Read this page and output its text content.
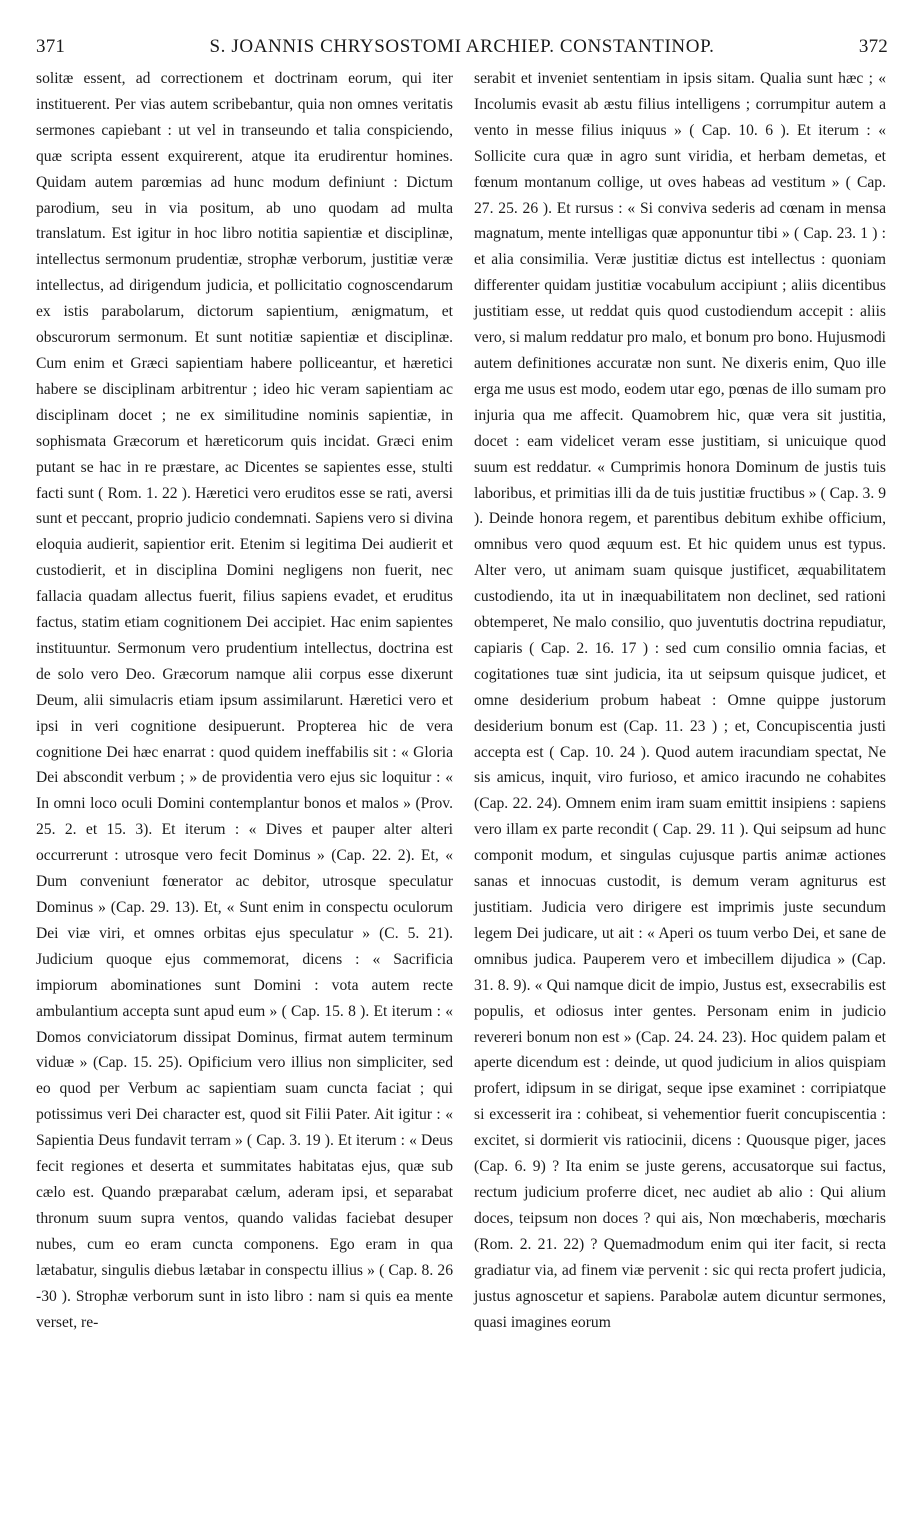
371	S. JOANNIS CHRYSOSTOMI ARCHIEP. CONSTANTINOP.	372

solitæ essent, ad correctionem et doctrinam eorum, qui iter instituerent. Per vias autem scribebantur, quia non omnes veritatis sermones capiebant : ut vel in transeundo et talia conspiciendo, quæ scripta essent exquirerent, atque ita erudirentur homines. Quidam autem parœmias ad hunc modum definiunt : Dictum parodium, seu in via positum, ab uno quodam ad multa translatum. Est igitur in hoc libro notitia sapientiæ et disciplinæ, intellectus sermonum prudentiæ, strophæ verborum, justitiæ veræ intellectus, ad dirigendum judicia, et pollicitatio cognoscendarum ex istis parabolarum, dictorum sapientium, ænigmatum, et obscurorum sermonum. Et sunt notitiæ sapientiæ et disciplinæ. Cum enim et Græci sapientiam habere polliceantur, et hæretici habere se disciplinam arbitrentur ; ideo hic veram sapientiam ac disciplinam docet ; ne ex similitudine nominis sapientiæ, in sophismata Græcorum et hæreticorum quis incidat. Græci enim putant se hac in re præstare, ac Dicentes se sapientes esse, stulti facti sunt ( Rom. 1. 22 ). Hæretici vero eruditos esse se rati, aversi sunt et peccant, proprio judicio condemnati. Sapiens vero si divina eloquia audierit, sapientior erit. Etenim si legitima Dei audierit et custodierit, et in disciplina Domini negligens non fuerit, nec fallacia quadam allectus fuerit, filius sapiens evadet, et eruditus factus, statim etiam cognitionem Dei accipiet. Hac enim sapientes instituuntur. Sermonum vero prudentium intellectus, doctrina est de solo vero Deo. Græcorum namque alii corpus esse dixerunt Deum, alii simulacris etiam ipsum assimilarunt. Hæretici vero et ipsi in veri cognitione desipuerunt. Propterea hic de vera cognitione Dei hæc enarrat : quod quidem ineffabilis sit : « Gloria Dei abscondit verbum ; » de providentia vero ejus sic loquitur : « In omni loco oculi Domini contemplantur bonos et malos » (Prov. 25. 2. et 15. 3). Et iterum : « Dives et pauper alter alteri occurrerunt : utrosque vero fecit Dominus » (Cap. 22. 2). Et, « Dum conveniunt fœnerator ac debitor, utrosque speculatur Dominus » (Cap. 29. 13). Et, « Sunt enim in conspectu oculorum Dei viæ viri, et omnes orbitas ejus speculatur » (C. 5. 21). Judicium quoque ejus commemorat, dicens : « Sacrificia impiorum abominationes sunt Domini : vota autem recte ambulantium accepta sunt apud eum » ( Cap. 15. 8 ). Et iterum : « Domos conviciatorum dissipat Dominus, firmat autem terminum viduæ » (Cap. 15. 25). Opificium vero illius non simpliciter, sed eo quod per Verbum ac sapientiam suam cuncta faciat ; qui potissimus veri Dei character est, quod sit Filii Pater. Ait igitur : « Sapientia Deus fundavit terram » ( Cap. 3. 19 ). Et iterum : « Deus fecit regiones et deserta et summitates habitatas ejus, quæ sub cælo est. Quando præparabat cælum, aderam ipsi, et separabat thronum suum supra ventos, quando validas faciebat desuper nubes, cum eo eram cuncta componens. Ego eram in qua lætabatur, singulis diebus lætabar in conspectu illius » ( Cap. 8. 26 -30 ). Strophæ verborum sunt in isto libro : nam si quis ea mente verset, re-

serabit et inveniet sententiam in ipsis sitam. Qualia sunt hæc ; « Incolumis evasit ab æstu filius intelligens ; corrumpitur autem a vento in messe filius iniquus » ( Cap. 10. 6 ). Et iterum : « Sollicite cura quæ in agro sunt viridia, et herbam demetas, et fœnum montanum collige, ut oves habeas ad vestitum » ( Cap. 27. 25. 26 ). Et rursus : « Si conviva sederis ad cœnam in mensa magnatum, mente intelligas quæ apponuntur tibi » ( Cap. 23. 1 ) : et alia consimilia. Veræ justitiæ dictus est intellectus : quoniam differenter quidam justitiæ vocabulum accipiunt ; aliis dicentibus justitiam esse, ut reddat quis quod custodiendum accepit : aliis vero, si malum reddatur pro malo, et bonum pro bono. Hujusmodi autem definitiones accuratæ non sunt. Ne dixeris enim, Quo ille erga me usus est modo, eodem utar ego, pœnas de illo sumam pro injuria qua me affecit. Quamobrem hic, quæ vera sit justitia, docet : eam videlicet veram esse justitiam, si unicuique quod suum est reddatur. « Cumprimis honora Dominum de justis tuis laboribus, et primitias illi da de tuis justitiæ fructibus » ( Cap. 3. 9 ). Deinde honora regem, et parentibus debitum exhibe officium, omnibus vero quod æquum est. Et hic quidem unus est typus. Alter vero, ut animam suam quisque justificet, æquabilitatem custodiendo, ita ut in inæquabilitatem non declinet, sed rationi obtemperet, Ne malo consilio, quo juventutis doctrina repudiatur, capiaris ( Cap. 2. 16. 17 ) : sed cum consilio omnia facias, et cogitationes tuæ sint judicia, ita ut seipsum quisque judicet, et omne desiderium probum habeat : Omne quippe justorum desiderium bonum est (Cap. 11. 23 ) ; et, Concupiscentia justi accepta est ( Cap. 10. 24 ). Quod autem iracundiam spectat, Ne sis amicus, inquit, viro furioso, et amico iracundo ne cohabites (Cap. 22. 24). Omnem enim iram suam emittit insipiens : sapiens vero illam ex parte recondit ( Cap. 29. 11 ). Qui seipsum ad hunc componit modum, et singulas cujusque partis animæ actiones sanas et innocuas custodit, is demum veram agniturus est justitiam. Judicia vero dirigere est imprimis juste secundum legem Dei judicare, ut ait : « Aperi os tuum verbo Dei, et sane de omnibus judica. Pauperem vero et imbecillem dijudica » (Cap. 31. 8. 9). « Qui namque dicit de impio, Justus est, exsecrabilis est populis, et odiosus inter gentes. Personam enim in judicio revereri bonum non est » (Cap. 24. 24. 23). Hoc quidem palam et aperte dicendum est : deinde, ut quod judicium in alios quispiam profert, idipsum in se dirigat, seque ipse examinet : corripiatque si excesserit ira : cohibeat, si vehementior fuerit concupiscentia : excitet, si dormierit vis ratiocinii, dicens : Quousque piger, jaces (Cap. 6. 9) ? Ita enim se juste gerens, accusatorque sui factus, rectum judicium proferre dicet, nec audiet ab alio : Qui alium doces, teipsum non doces ? qui ais, Non mœchaberis, mœcharis (Rom. 2. 21. 22) ? Quemadmodum enim qui iter facit, si recta gradiatur via, ad finem viæ pervenit : sic qui recta profert judicia, justus agnoscetur et sapiens. Parabolæ autem dicuntur sermones, quasi imagines eorum
